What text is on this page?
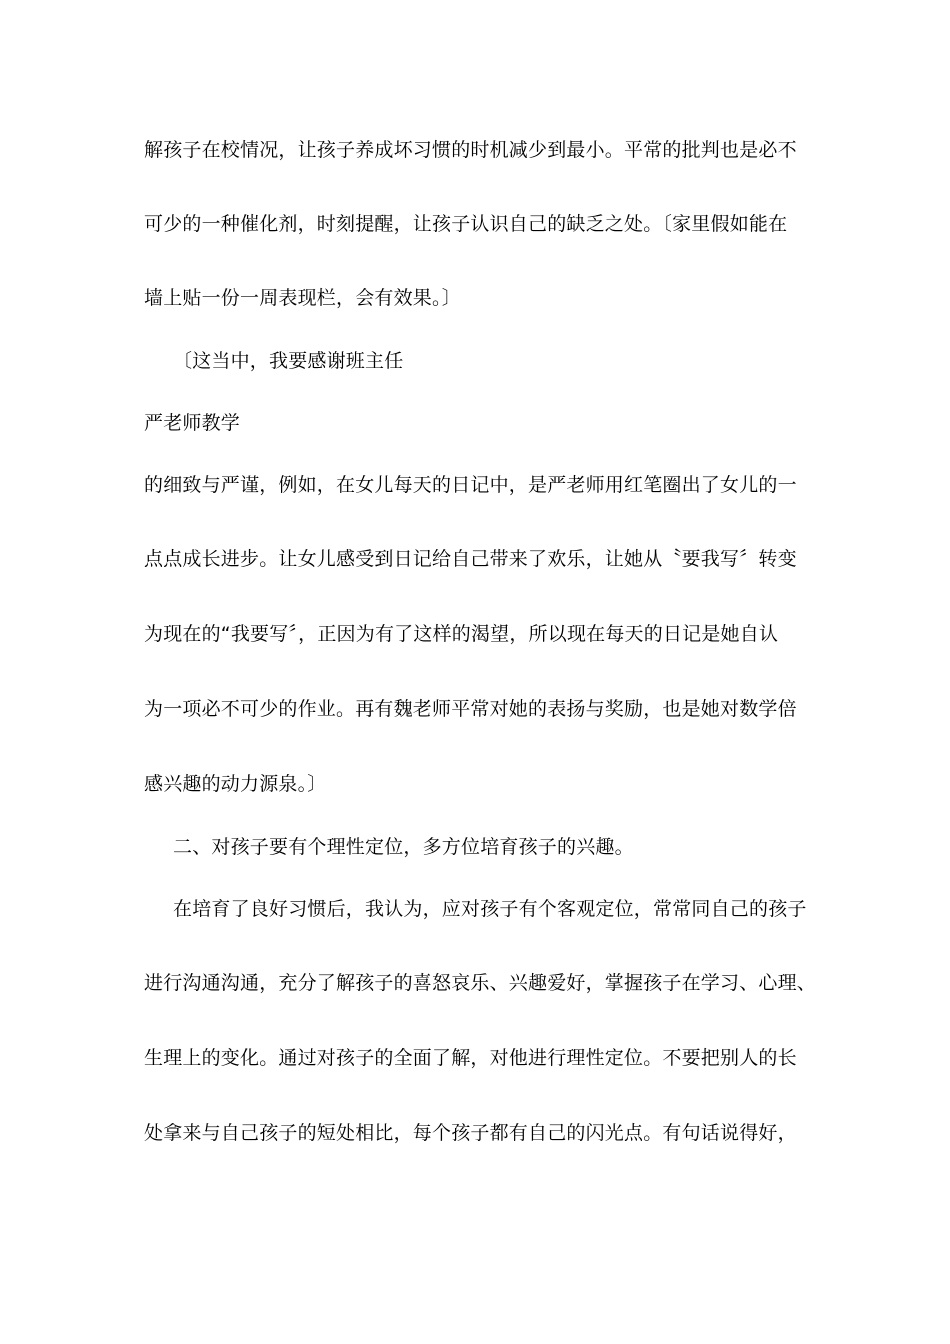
解孩子在校情况，让孩子养成坏习惯的时机减少到最小。平常的批判也是必不
可少的一种催化剂，时刻提醒，让孩子认识自己的缺乏之处。〔家里假如能在
墙上贴一份一周表现栏，会有效果。〕
〔这当中，我要感谢班主任
严老师教学
的细致与严谨，例如，在女儿每天的日记中，是严老师用红笔圈出了女儿的一
点点成长进步。让女儿感受到日记给自己带来了欢乐，让她从〝要我写〞转变
为现在的“我要写〞，正因为有了这样的渴望，所以现在每天的日记是她自认
为一项必不可少的作业。再有魏老师平常对她的表扬与奖励，也是她对数学倍
感兴趣的动力源泉。〕
二、对孩子要有个理性定位，多方位培育孩子的兴趣。
在培育了良好习惯后，我认为，应对孩子有个客观定位，常常同自己的孩子
进行沟通沟通，充分了解孩子的喜怒哀乐、兴趣爱好，掌握孩子在学习、心理、
生理上的变化。通过对孩子的全面了解，对他进行理性定位。不要把别人的长
处拿来与自己孩子的短处相比，每个孩子都有自己的闪光点。有句话说得好，
